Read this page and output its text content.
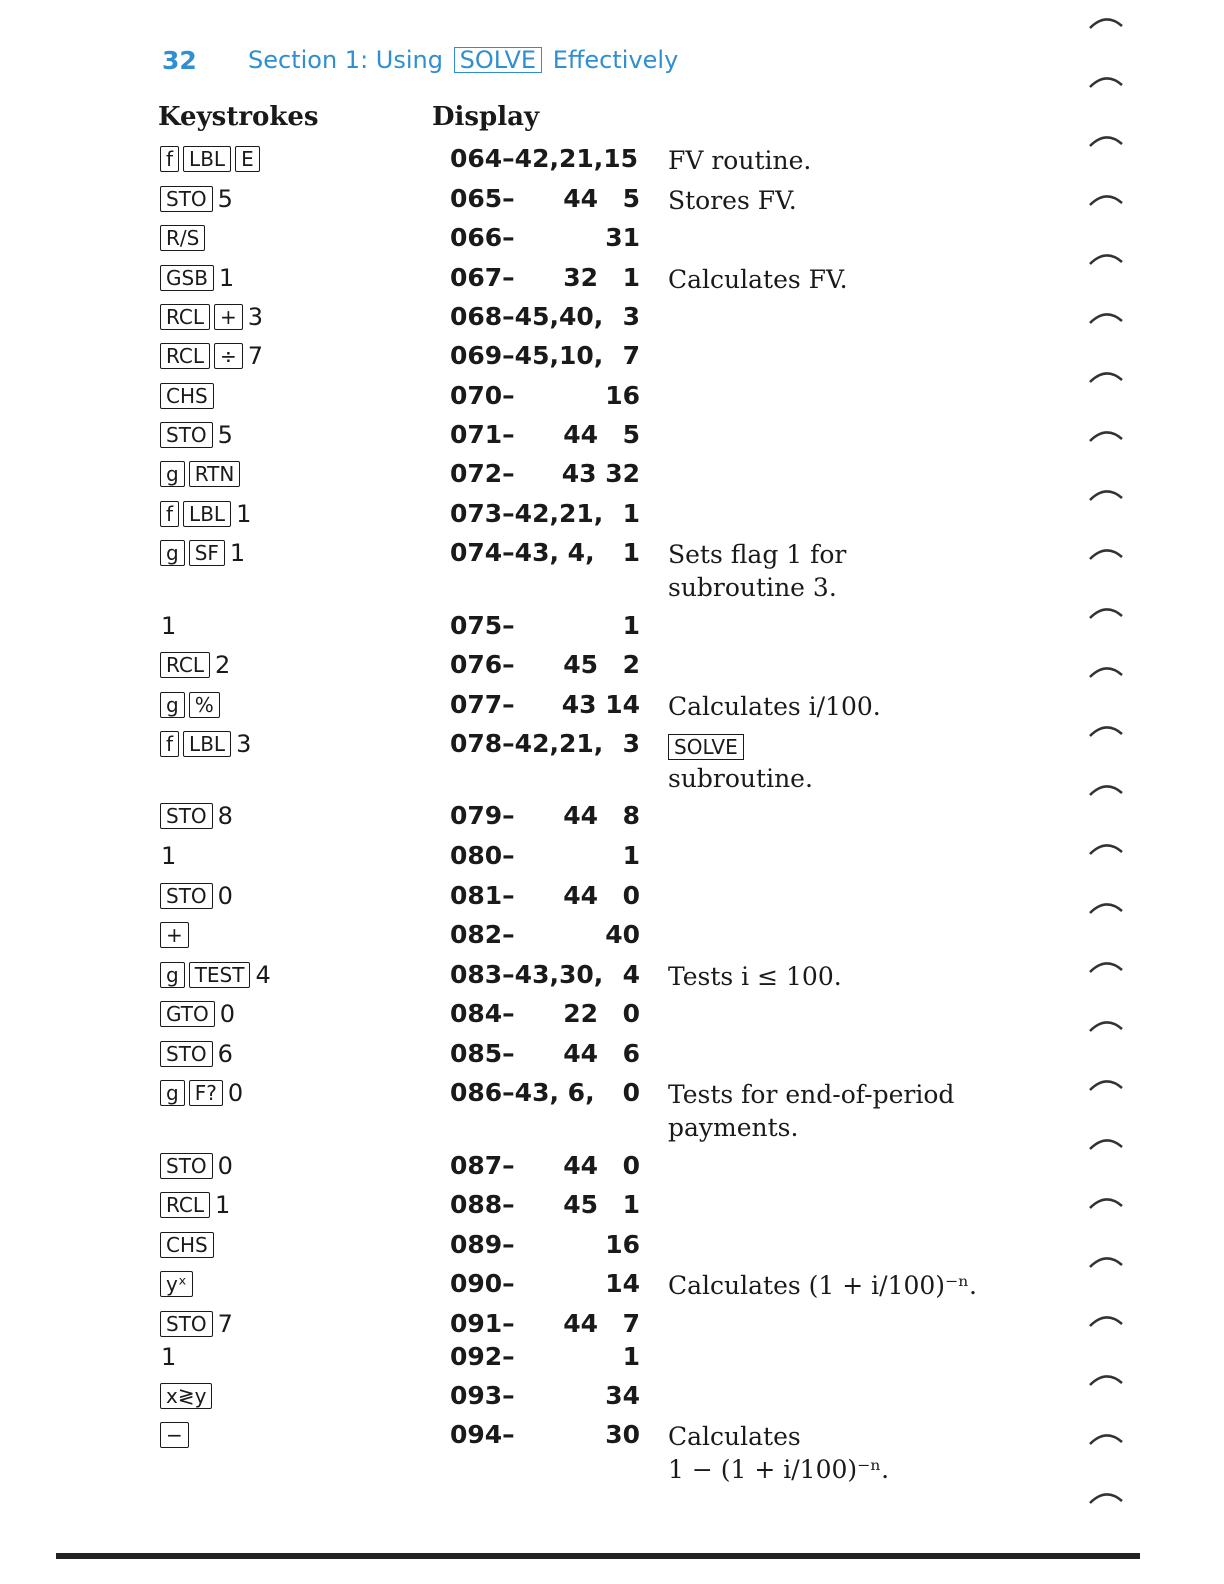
32 Section 1: Using SOLVE Effectively
Keystrokes	Display
f LBL E	064–42,21,15 FV routine.
STO 5	065– 44 5 Stores FV.
R/S	066–	31
GSB 1	067– 32 1 Calculates FV.
RCL + 3	068–45,40, 3
RCL ÷ 7	069–45,10, 7
CHS	070–	16
STO 5	071– 44 5
g RTN	072– 43 32
f LBL 1	073–42,21, 1
g SF 1	074–43, 4, 1 Sets flag 1 for
subroutine 3.
1	075–	1
RCL 2	076– 45 2
g %	077– 43 14 Calculates i/100.
f LBL 3	078–42,21, 3	SOLVE
subroutine.
STO 8	079– 44 8
1	080–	1
STO 0	081– 44 0
+	082–	40
g TEST 4	083–43,30, 4 Tests i ≤ 100.
GTO 0	084– 22 0
STO 6	085– 44 6
g F? 0	086–43, 6, 0 Tests for end-of-period
payments.
STO 0	087– 44 0
RCL 1	088– 45 1
CHS	089–	16
yˣ	090–	14 Calculates (1 + i/100)⁻ⁿ.
STO 7	091– 44 7
1	092–	1
x≷y	093–	34
−	094–	30 Calculates
1 − (1 + i/100)⁻ⁿ.
